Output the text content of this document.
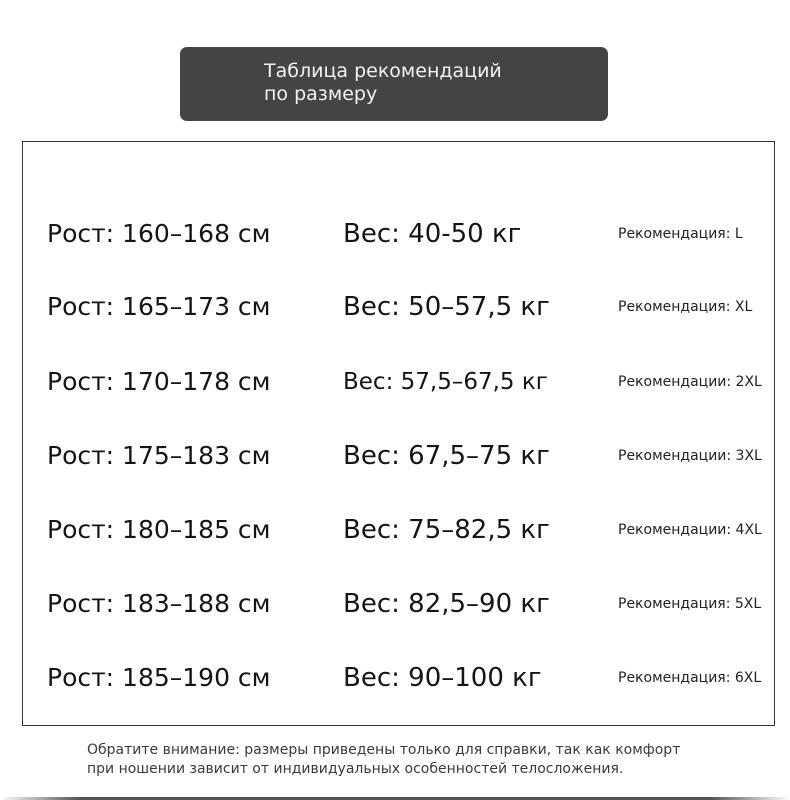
Таблица рекомендаций
по размеру
Рост: 160–168 см	Вес: 40-50 кг	Рекомендация: L
Рост: 165–173 см	Вес: 50–57,5 кг	Рекомендация: XL
Рост: 170–178 см	Вес: 57,5–67,5 кг	Рекомендации: 2XL
Рост: 175–183 см	Вес: 67,5–75 кг	Рекомендации: 3XL
Рост: 180–185 см	Вес: 75–82,5 кг	Рекомендации: 4XL
Рост: 183–188 см	Вес: 82,5–90 кг	Рекомендация: 5XL
Рост: 185–190 см	Вес: 90–100 кг	Рекомендация: 6XL
Обратите внимание: размеры приведены только для справки, так как комфорт
при ношении зависит от индивидуальных особенностей телосложения.
